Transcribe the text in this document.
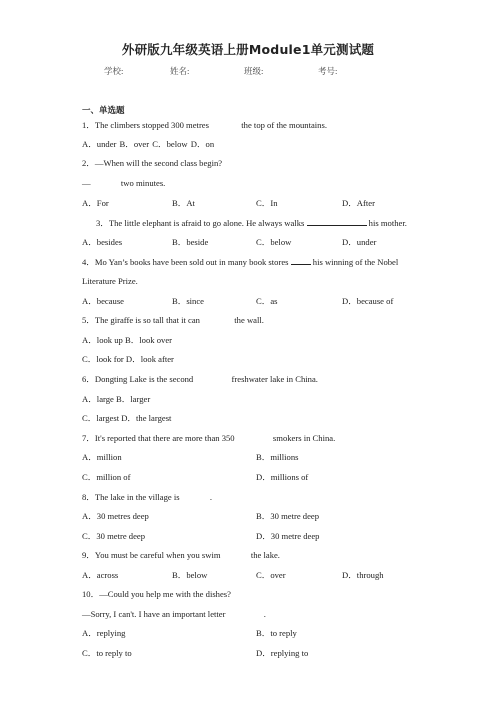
外研版九年级英语上册Module1单元测试题
学校:	姓名:	班级:	考号:
一、单选题
1．The climbers stopped 300 metres	the top of the mountains.
A．under B．over C．below D．on
2．—When will the second class begin?
—	two minutes.
A．For	B．At	C．In	D．After
3．The little elephant is afraid to go alone. He always walks	his mother.
A．besides	B．beside	C．below	D．under
4．Mo Yan’s books have been sold out in many book stores	his winning of the Nobel
Literature Prize.
A．because	B．since	C．as	D．because of
5．The giraffe is so tall that it can	the wall.
A．look up B．look over
C．look for D．look after
6．Dongting Lake is the second	freshwater lake in China.
A．large B．larger
C．largest D．the largest
7．It's reported that there are more than 350	smokers in China.
A．million	B．millions
C．million of	D．millions of
8．The lake in the village is	.
A．30 metres deep	B．30 metre deep
C．30 metre deep	D．30 metre deep
9．You must be careful when you swim	the lake.
A．across	B．below	C．over	D．through
10．—Could you help me with the dishes?
—Sorry, I can't. I have an important letter	.
A．replying	B．to reply
C．to reply to	D．replying to
